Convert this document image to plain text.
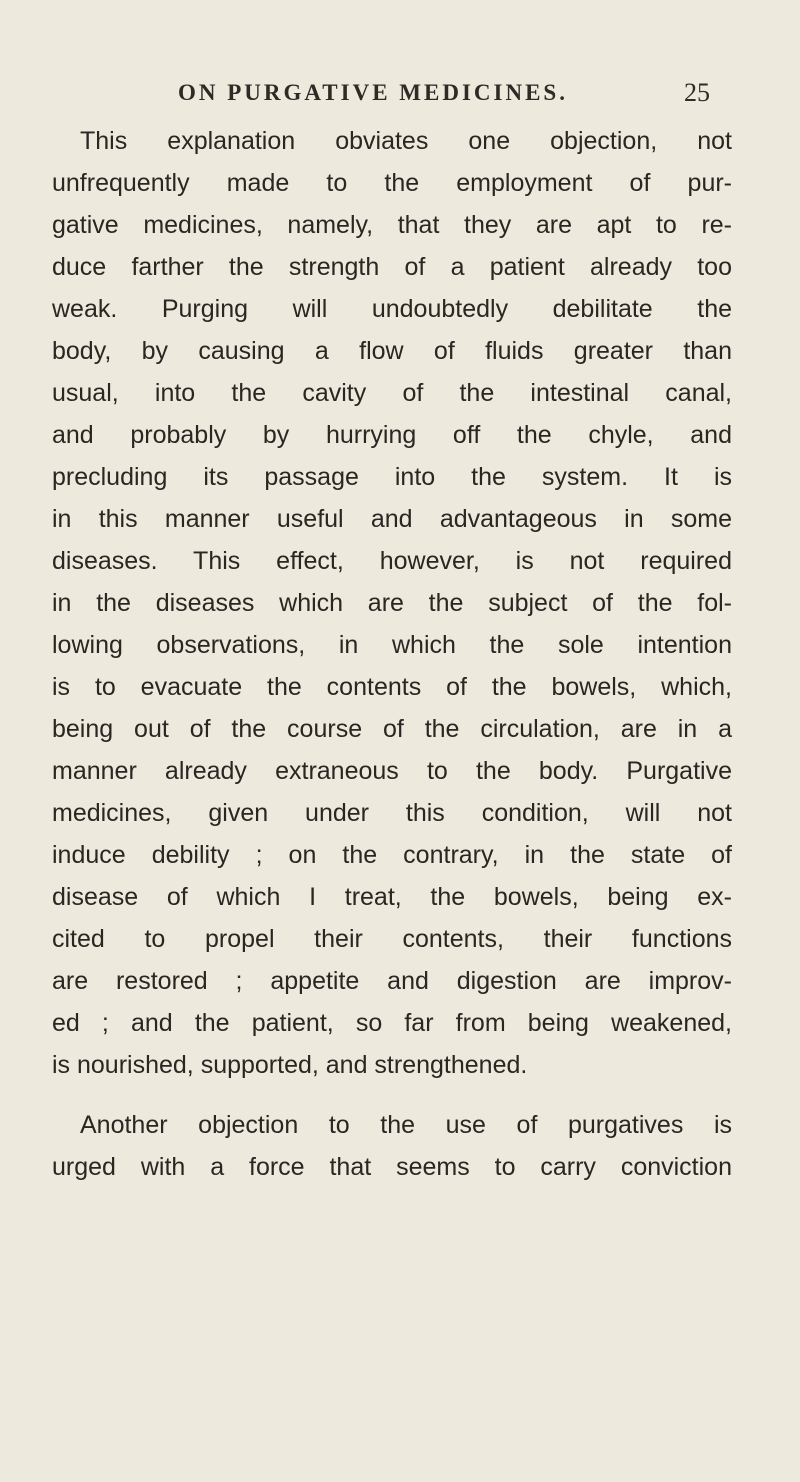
ON PURGATIVE MEDICINES.	25
This explanation obviates one objection, not
unfrequently made to the employment of pur-
gative medicines, namely, that they are apt to re-
duce farther the strength of a patient already too
weak. Purging will undoubtedly debilitate the
body, by causing a flow of fluids greater than
usual, into the cavity of the intestinal canal,
and probably by hurrying off the chyle, and
precluding its passage into the system. It is
in this manner useful and advantageous in some
diseases. This effect, however, is not required
in the diseases which are the subject of the fol-
lowing observations, in which the sole intention
is to evacuate the contents of the bowels, which,
being out of the course of the circulation, are in a
manner already extraneous to the body. Purgative
medicines, given under this condition, will not
induce debility ; on the contrary, in the state of
disease of which I treat, the bowels, being ex-
cited to propel their contents, their functions
are restored ; appetite and digestion are improv-
ed ; and the patient, so far from being weakened,
is nourished, supported, and strengthened.
Another objection to the use of purgatives is
urged with a force that seems to carry conviction
